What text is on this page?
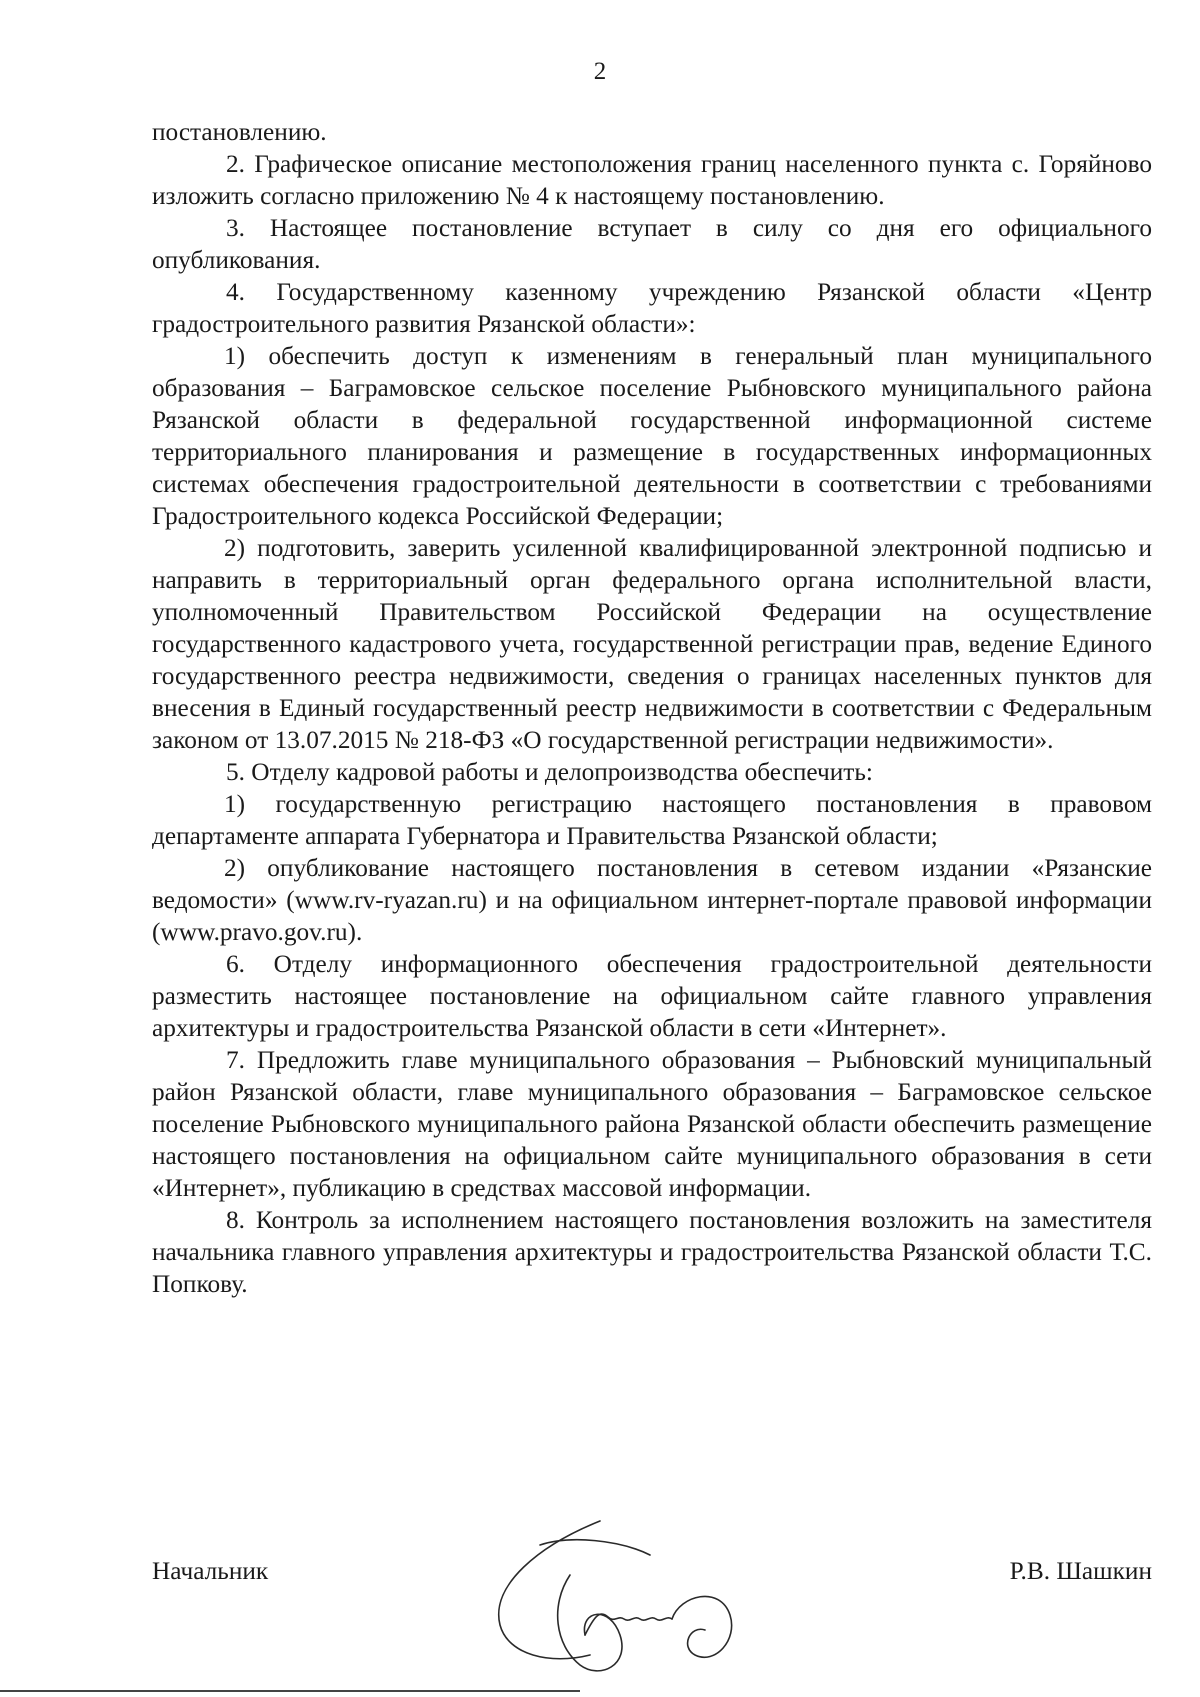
2

постановлению.

2. Графическое описание местоположения границ населенного пункта с. Горяйново изложить согласно приложению № 4 к настоящему постановлению.

3. Настоящее постановление вступает в силу со дня его официального опубликования.

4. Государственному казенному учреждению Рязанской области «Центр градостроительного развития Рязанской области»:

1) обеспечить доступ к изменениям в генеральный план муниципального образования – Баграмовское сельское поселение Рыбновского муниципального района Рязанской области в федеральной государственной информационной системе территориального планирования и размещение в государственных информационных системах обеспечения градостроительной деятельности в соответствии с требованиями Градостроительного кодекса Российской Федерации;

2) подготовить, заверить усиленной квалифицированной электронной подписью и направить в территориальный орган федерального органа исполнительной власти, уполномоченный Правительством Российской Федерации на осуществление государственного кадастрового учета, государственной регистрации прав, ведение Единого государственного реестра недвижимости, сведения о границах населенных пунктов для внесения в Единый государственный реестр недвижимости в соответствии с Федеральным законом от 13.07.2015 № 218-ФЗ «О государственной регистрации недвижимости».

5. Отделу кадровой работы и делопроизводства обеспечить:

1) государственную регистрацию настоящего постановления в правовом департаменте аппарата Губернатора и Правительства Рязанской области;

2) опубликование настоящего постановления в сетевом издании «Рязанские ведомости» (www.rv-ryazan.ru) и на официальном интернет-портале правовой информации (www.pravo.gov.ru).

6. Отделу информационного обеспечения градостроительной деятельности разместить настоящее постановление на официальном сайте главного управления архитектуры и градостроительства Рязанской области в сети «Интернет».

7. Предложить главе муниципального образования – Рыбновский муниципальный район Рязанской области, главе муниципального образования – Баграмовское сельское поселение Рыбновского муниципального района Рязанской области обеспечить размещение настоящего постановления на официальном сайте муниципального образования в сети «Интернет», публикацию в средствах массовой информации.

8. Контроль за исполнением настоящего постановления возложить на заместителя начальника главного управления архитектуры и градостроительства Рязанской области Т.С. Попкову.

Начальник	Р.В. Шашкин
